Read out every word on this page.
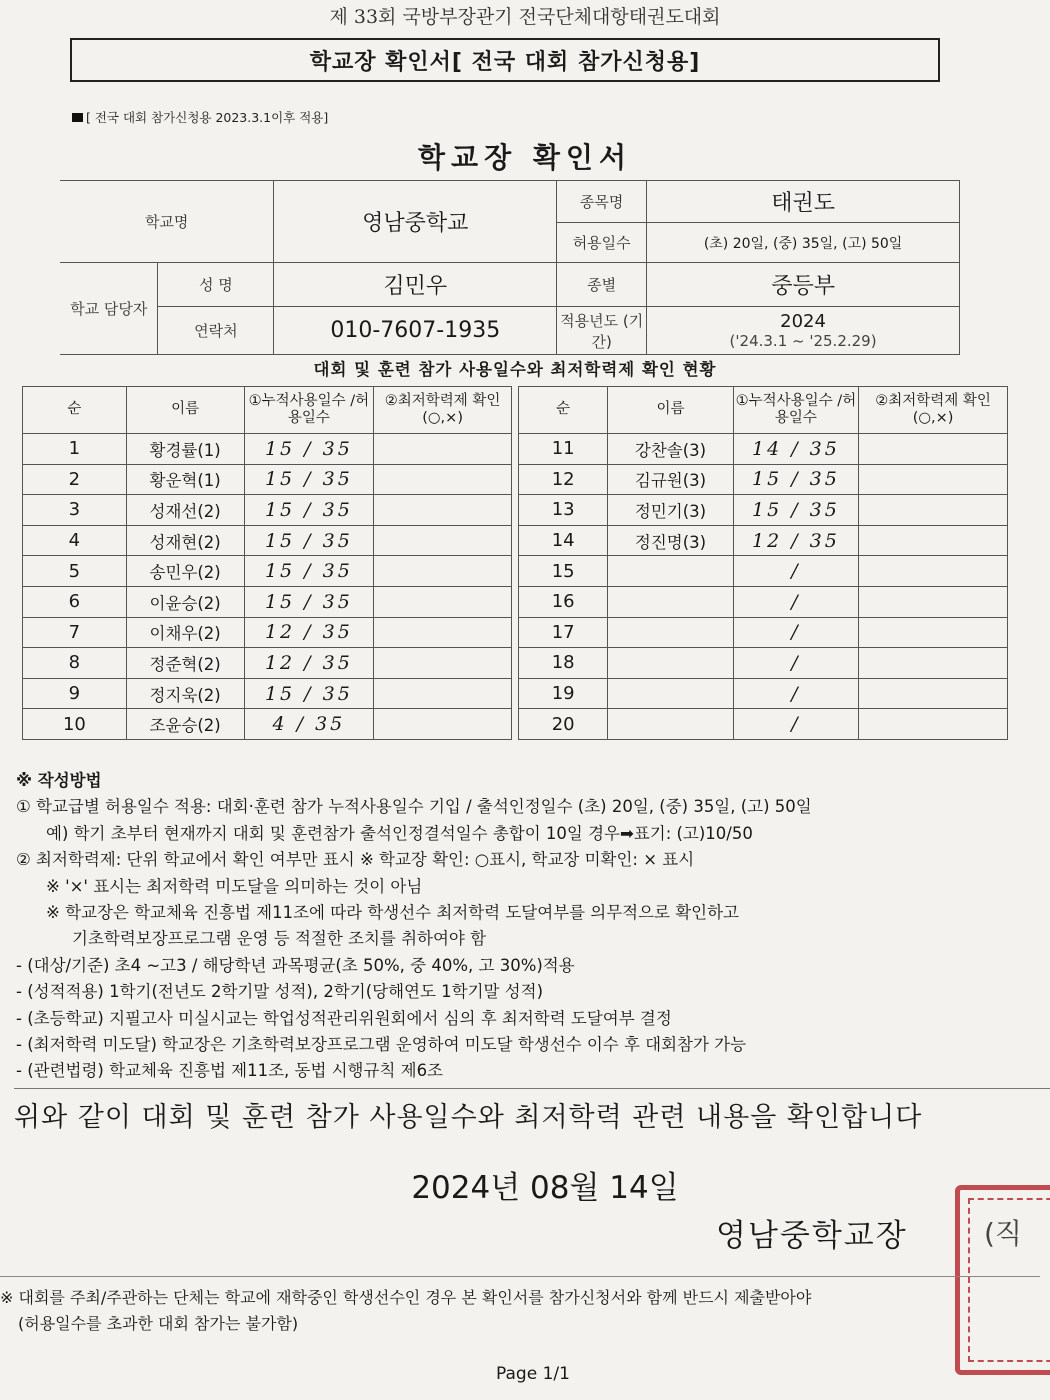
제 33회 국방부장관기 전국단체대항태권도대회
학교장 확인서[ 전국 대회 참가신청용]
[ 전국 대회 참가신청용 2023.3.1이후 적용]
학교장 확인서
학교명		영남중학교	종목명	태권도
			허용일수	(초) 20일, (중) 35일, (고) 50일
학교 담당자	성 명	김민우	종별	중등부
	연락처	010-7607-1935	적용년도 (기간)	2024
('24.3.1 ~ '25.2.29)
대회 및 훈련 참가 사용일수와 최저학력제 확인 현황
순	이름	①누적사용일수 /허용일수	②최저학력제 확인(○,×)
1	황경률(1)	15 / 35	
2	황운혁(1)	15 / 35	
3	성재선(2)	15 / 35	
4	성재현(2)	15 / 35	
5	송민우(2)	15 / 35	
6	이윤승(2)	15 / 35	
7	이채우(2)	12 / 35	
8	정준혁(2)	12 / 35	
9	정지욱(2)	15 / 35	
10	조윤승(2)	4 / 35	
순	이름	①누적사용일수 /허용일수	②최저학력제 확인(○,×)
11	강찬솔(3)	14 / 35	
12	김규원(3)	15 / 35	
13	정민기(3)	15 / 35	
14	정진명(3)	12 / 35	
15		/	
16		/	
17		/	
18		/	
19		/	
20		/	
※ 작성방법
① 학교급별 허용일수 적용: 대회·훈련 참가 누적사용일수 기입 / 출석인정일수 (초) 20일, (중) 35일, (고) 50일
예) 학기 초부터 현재까지 대회 및 훈련참가 출석인정결석일수 총합이 10일 경우➡표기: (고)10/50
② 최저학력제: 단위 학교에서 확인 여부만 표시 ※ 학교장 확인: ○표시, 학교장 미확인: × 표시
※ '×' 표시는 최저학력 미도달을 의미하는 것이 아님
※ 학교장은 학교체육 진흥법 제11조에 따라 학생선수 최저학력 도달여부를 의무적으로 확인하고
기초학력보장프로그램 운영 등 적절한 조치를 취하여야 함
- (대상/기준) 초4 ~고3 / 해당학년 과목평균(초 50%, 중 40%, 고 30%)적용
- (성적적용) 1학기(전년도 2학기말 성적), 2학기(당해연도 1학기말 성적)
- (초등학교) 지필고사 미실시교는 학업성적관리위원회에서 심의 후 최저학력 도달여부 결정
- (최저학력 미도달) 학교장은 기초학력보장프로그램 운영하여 미도달 학생선수 이수 후 대회참가 가능
- (관련법령) 학교체육 진흥법 제11조, 동법 시행규칙 제6조
위와 같이 대회 및 훈련 참가 사용일수와 최저학력 관련 내용을 확인합니다
2024년 08월 14일
영남중학교장	(직
※ 대회를 주최/주관하는 단체는 학교에 재학중인 학생선수인 경우 본 확인서를 참가신청서와 함께 반드시 제출받아야
(허용일수를 초과한 대회 참가는 불가함)
Page 1/1
